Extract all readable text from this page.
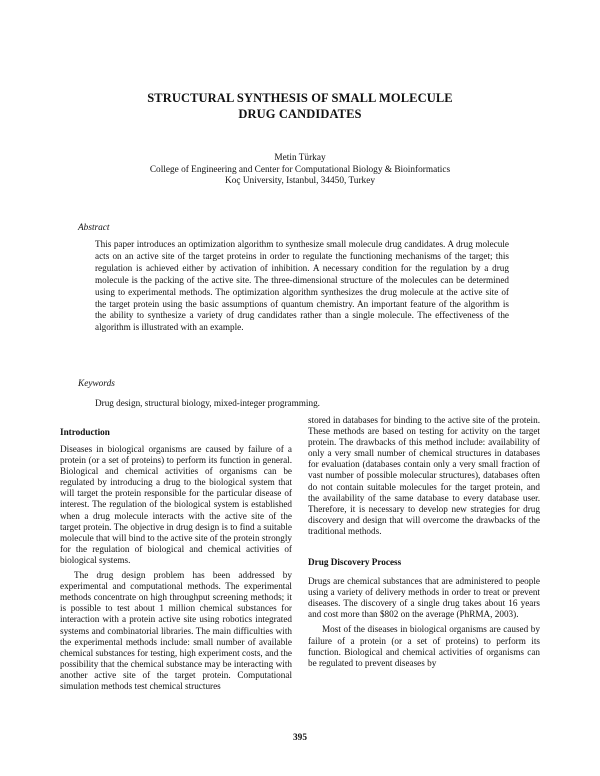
STRUCTURAL SYNTHESIS OF SMALL MOLECULE
DRUG CANDIDATES
Metin Türkay
College of Engineering and Center for Computational Biology & Bioinformatics
Koç University, Istanbul, 34450, Turkey
Abstract
This paper introduces an optimization algorithm to synthesize small molecule drug candidates. A drug molecule acts on an active site of the target proteins in order to regulate the functioning mechanisms of the target; this regulation is achieved either by activation of inhibition. A necessary condition for the regulation by a drug molecule is the packing of the active site. The three-dimensional structure of the molecules can be determined using to experimental methods. The optimization algorithm synthesizes the drug molecule at the active site of the target protein using the basic assumptions of quantum chemistry. An important feature of the algorithm is the ability to synthesize a variety of drug candidates rather than a single molecule. The effectiveness of the algorithm is illustrated with an example.
Keywords
Drug design, structural biology, mixed-integer programming.
Introduction

Diseases in biological organisms are caused by failure of a protein (or a set of proteins) to perform its function in general. Biological and chemical activities of organisms can be regulated by introducing a drug to the biological system that will target the protein responsible for the particular disease of interest. The regulation of the biological system is established when a drug molecule interacts with the active site of the target protein. The objective in drug design is to find a suitable molecule that will bind to the active site of the protein strongly for the regulation of biological and chemical activities of biological systems.

The drug design problem has been addressed by experimental and computational methods. The experimental methods concentrate on high throughput screening methods; it is possible to test about 1 million chemical substances for interaction with a protein active site using robotics integrated systems and combinatorial libraries. The main difficulties with the experimental methods include: small number of available chemical substances for testing, high experiment costs, and the possibility that the chemical substance may be interacting with another active site of the target protein. Computational simulation methods test chemical structures

stored in databases for binding to the active site of the protein. These methods are based on testing for activity on the target protein. The drawbacks of this method include: availability of only a very small number of chemical structures in databases for evaluation (databases contain only a very small fraction of vast number of possible molecular structures), databases often do not contain suitable molecules for the target protein, and the availability of the same database to every database user. Therefore, it is necessary to develop new strategies for drug discovery and design that will overcome the drawbacks of the traditional methods.

Drug Discovery Process

Drugs are chemical substances that are administered to people using a variety of delivery methods in order to treat or prevent diseases. The discovery of a single drug takes about 16 years and cost more than $802 on the average (PhRMA, 2003).

Most of the diseases in biological organisms are caused by failure of a protein (or a set of proteins) to perform its function. Biological and chemical activities of organisms can be regulated to prevent diseases by

395
